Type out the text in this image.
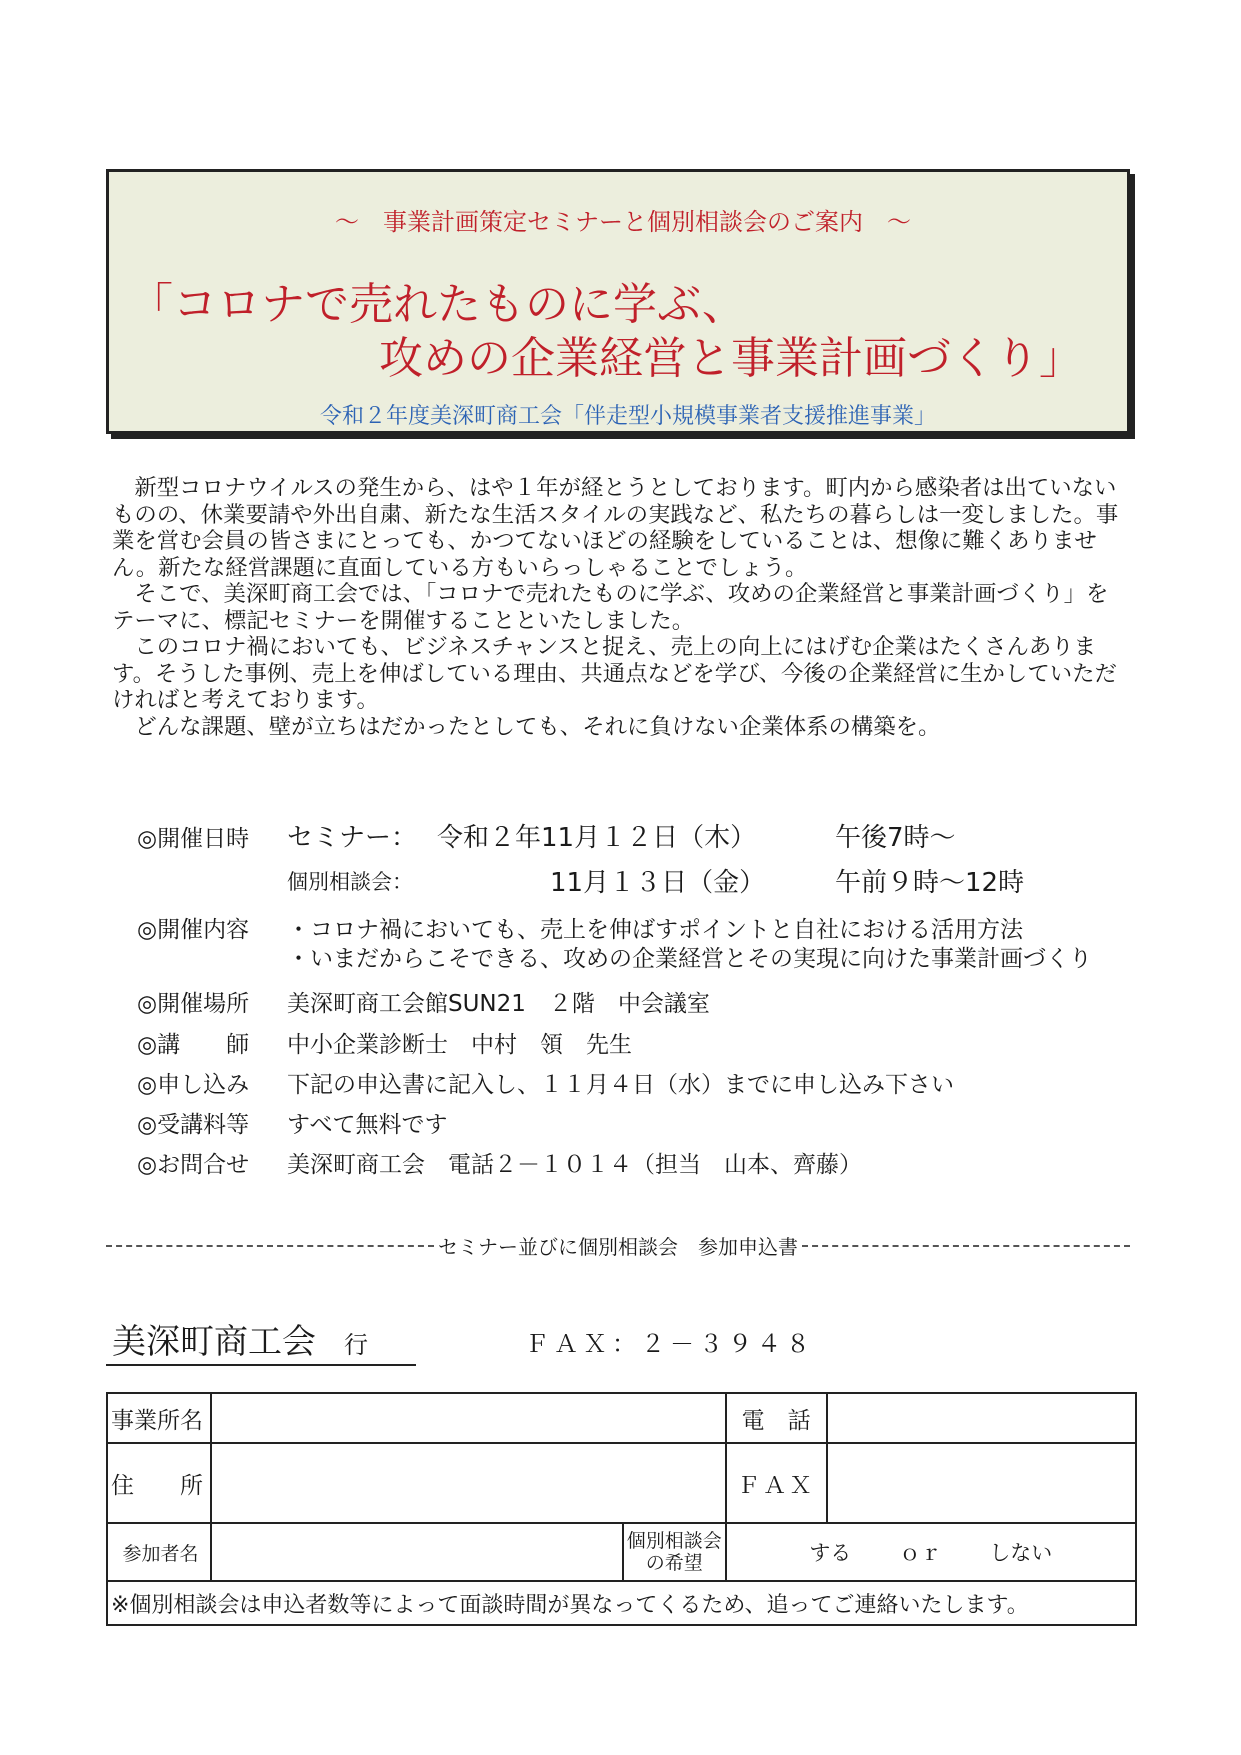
～　事業計画策定セミナーと個別相談会のご案内　～
「コロナで売れたものに学ぶ、
攻めの企業経営と事業計画づくり」
令和２年度美深町商工会「伴走型小規模事業者支援推進事業」
　新型コロナウイルスの発生から、はや１年が経とうとしております。町内から感染者は出ていないものの、休業要請や外出自粛、新たな生活スタイルの実践など、私たちの暮らしは一変しました。事業を営む会員の皆さまにとっても、かつてないほどの経験をしていることは、想像に難くありません。新たな経営課題に直面している方もいらっしゃることでしょう。
　そこで、美深町商工会では、「コロナで売れたものに学ぶ、攻めの企業経営と事業計画づくり」をテーマに、標記セミナーを開催することといたしました。
　このコロナ禍においても、ビジネスチャンスと捉え、売上の向上にはげむ企業はたくさんあります。そうした事例、売上を伸ばしている理由、共通点などを学び、今後の企業経営に生かしていただければと考えております。
　どんな課題、壁が立ちはだかったとしても、それに負けない企業体系の構築を。
◎開催日時 セミナー： 令和２年11月１２日（木）	午後7時～
個別相談会：	11月１３日（金）	午前９時～12時
◎開催内容 ・コロナ禍においても、売上を伸ばすポイントと自社における活用方法
・いまだからこそできる、攻めの企業経営とその実現に向けた事業計画づくり
◎開催場所 美深町商工会館SUN21　２階　中会議室
◎講　　師 中小企業診断士　中村　領　先生
◎申し込み 下記の申込書に記入し、１１月４日（水）までに申し込み下さい
◎受講料等 すべて無料です
◎お問合せ 美深町商工会　電話２－１０１４（担当　山本、齊藤）
セミナー並びに個別相談会　参加申込書
美深町商工会 行	ＦＡＸ：２－３９４８
事業所名			電　話	
住　　所			ＦＡＸ	
参加者名		個別相談会
の希望	する ｏｒ しない	

※個別相談会は申込者数等によって面談時間が異なってくるため、追ってご連絡いたします。				
